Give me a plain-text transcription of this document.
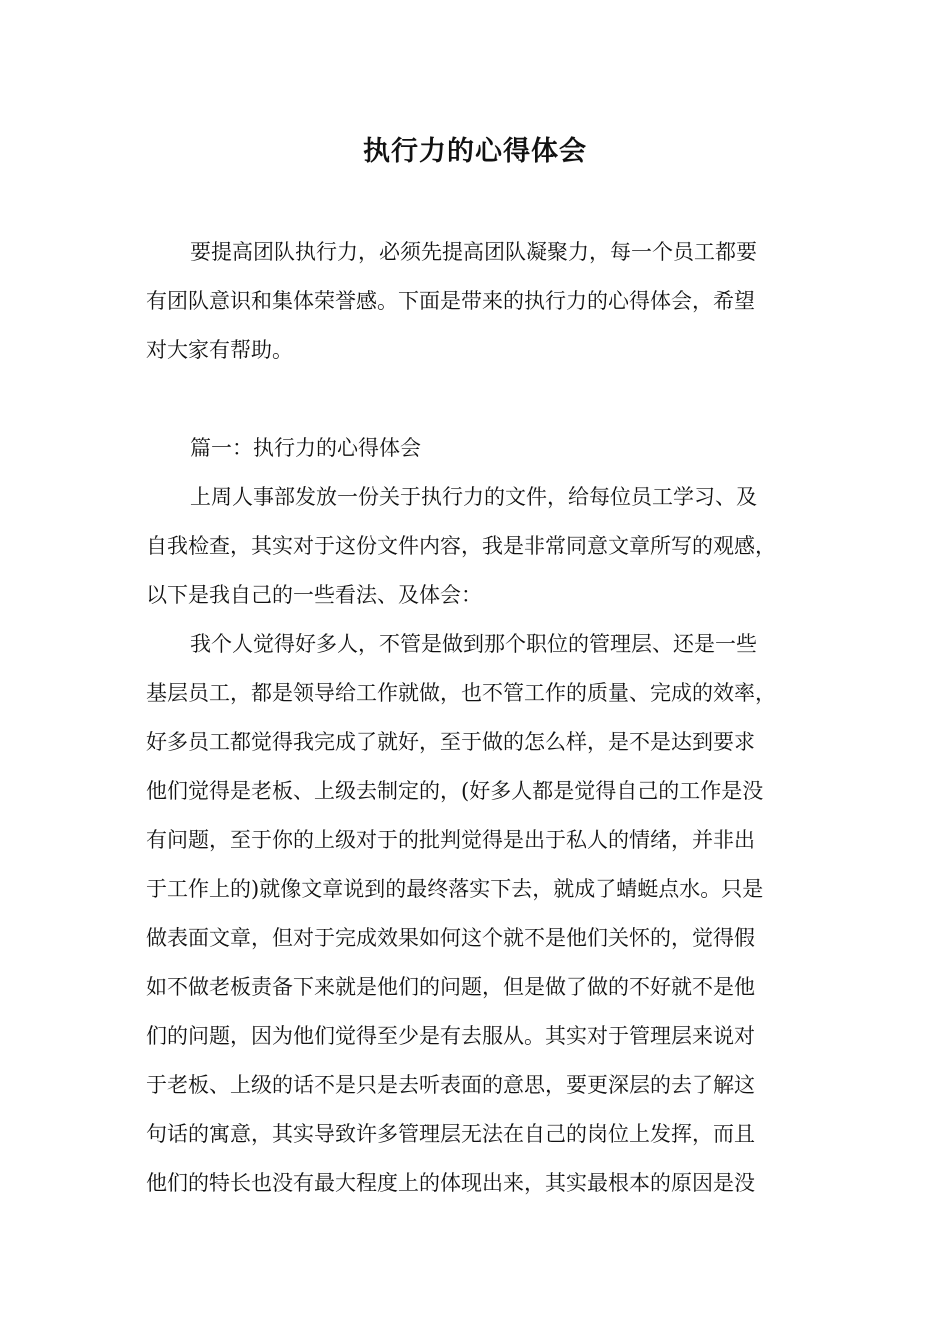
执行力的心得体会
要提高团队执行力，必须先提高团队凝聚力，每一个员工都要
有团队意识和集体荣誉感。下面是带来的执行力的心得体会，希望
对大家有帮助。
篇一：执行力的心得体会
上周人事部发放一份关于执行力的文件，给每位员工学习、及
自我检查，其实对于这份文件内容，我是非常同意文章所写的观感，
以下是我自己的一些看法、及体会：
我个人觉得好多人，不管是做到那个职位的管理层、还是一些
基层员工，都是领导给工作就做，也不管工作的质量、完成的效率，
好多员工都觉得我完成了就好，至于做的怎么样，是不是达到要求
他们觉得是老板、上级去制定的，(好多人都是觉得自己的工作是没
有问题，至于你的上级对于的批判觉得是出于私人的情绪，并非出
于工作上的)就像文章说到的最终落实下去，就成了蜻蜓点水。只是
做表面文章，但对于完成效果如何这个就不是他们关怀的，觉得假
如不做老板责备下来就是他们的问题，但是做了做的不好就不是他
们的问题，因为他们觉得至少是有去服从。其实对于管理层来说对
于老板、上级的话不是只是去听表面的意思，要更深层的去了解这
句话的寓意，其实导致许多管理层无法在自己的岗位上发挥，而且
他们的特长也没有最大程度上的体现出来，其实最根本的原因是没
